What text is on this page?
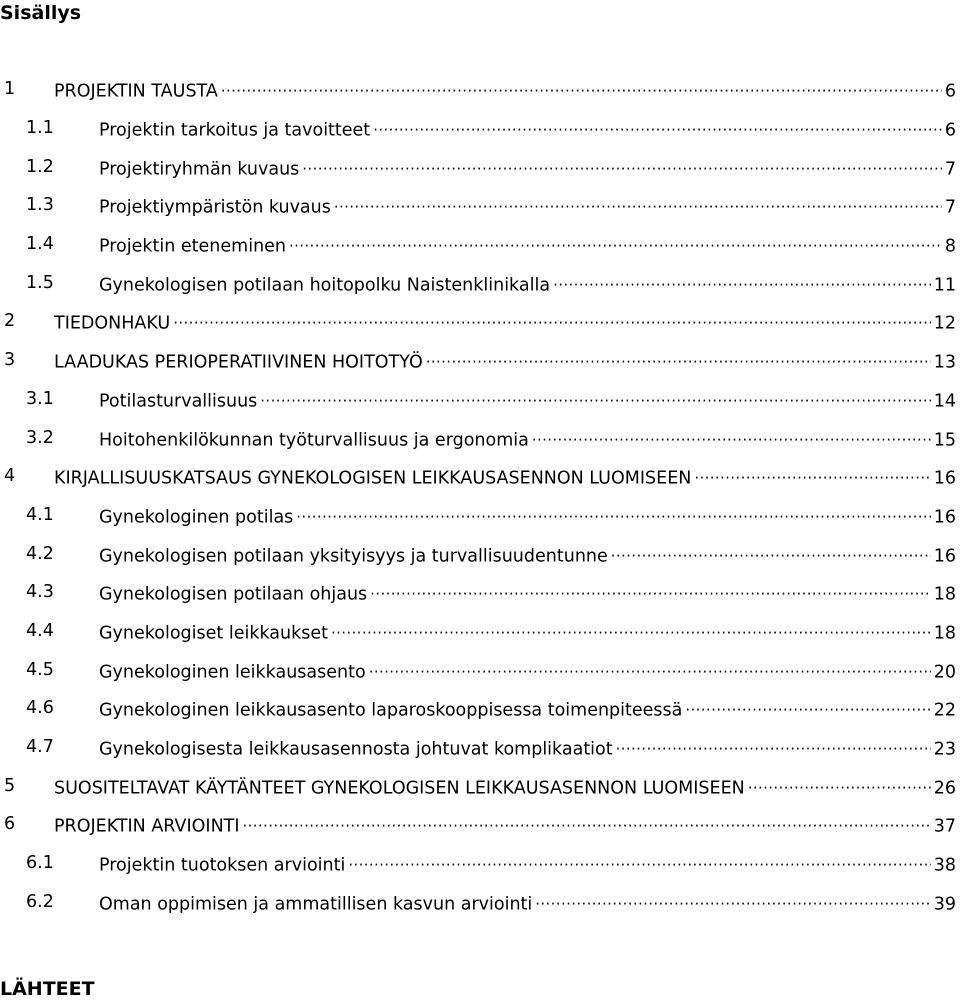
Sisällys
1 PROJEKTIN TAUSTA . . .	6
1.1	Projektin tarkoitus ja tavoitteet . . .	6
1.2	Projektiryhmän kuvaus . . .	7
1.3	Projektiympäristön kuvaus . . .	7
1.4	Projektin eteneminen . . .	8
1.5	Gynekologisen potilaan hoitopolku Naistenklinikalla . . .	11
2 TIEDONHAKU . . .	12
3 LAADUKAS PERIOPERATIIVINEN HOITOTYÖ . . .	13
3.1	Potilasturvallisuus . . .	14
3.2	Hoitohenkilökunnan työturvallisuus ja ergonomia . . .	15
4 KIRJALLISUUSKATSAUS GYNEKOLOGISEN LEIKKAUSASENNON LUOMISEEN . . .	16
4.1	Gynekologinen potilas . . .	16
4.2	Gynekologisen potilaan yksityisyys ja turvallisuudentunne . . .	16
4.3	Gynekologisen potilaan ohjaus . . .	18
4.4	Gynekologiset leikkaukset . . .	18
4.5	Gynekologinen leikkausasento . . .	20
4.6	Gynekologinen leikkausasento laparoskooppisessa toimenpiteessä . . .	22
4.7	Gynekologisesta leikkausasennosta johtuvat komplikaatiot . . .	23
5 SUOSITELTAVAT KÄYTÄNTEET GYNEKOLOGISEN LEIKKAUSASENNON LUOMISEEN . . .	26
6 PROJEKTIN ARVIOINTI . . .	37
6.1	Projektin tuotoksen arviointi . . .	38
6.2	Oman oppimisen ja ammatillisen kasvun arviointi . . .	39
LÄHTEET
